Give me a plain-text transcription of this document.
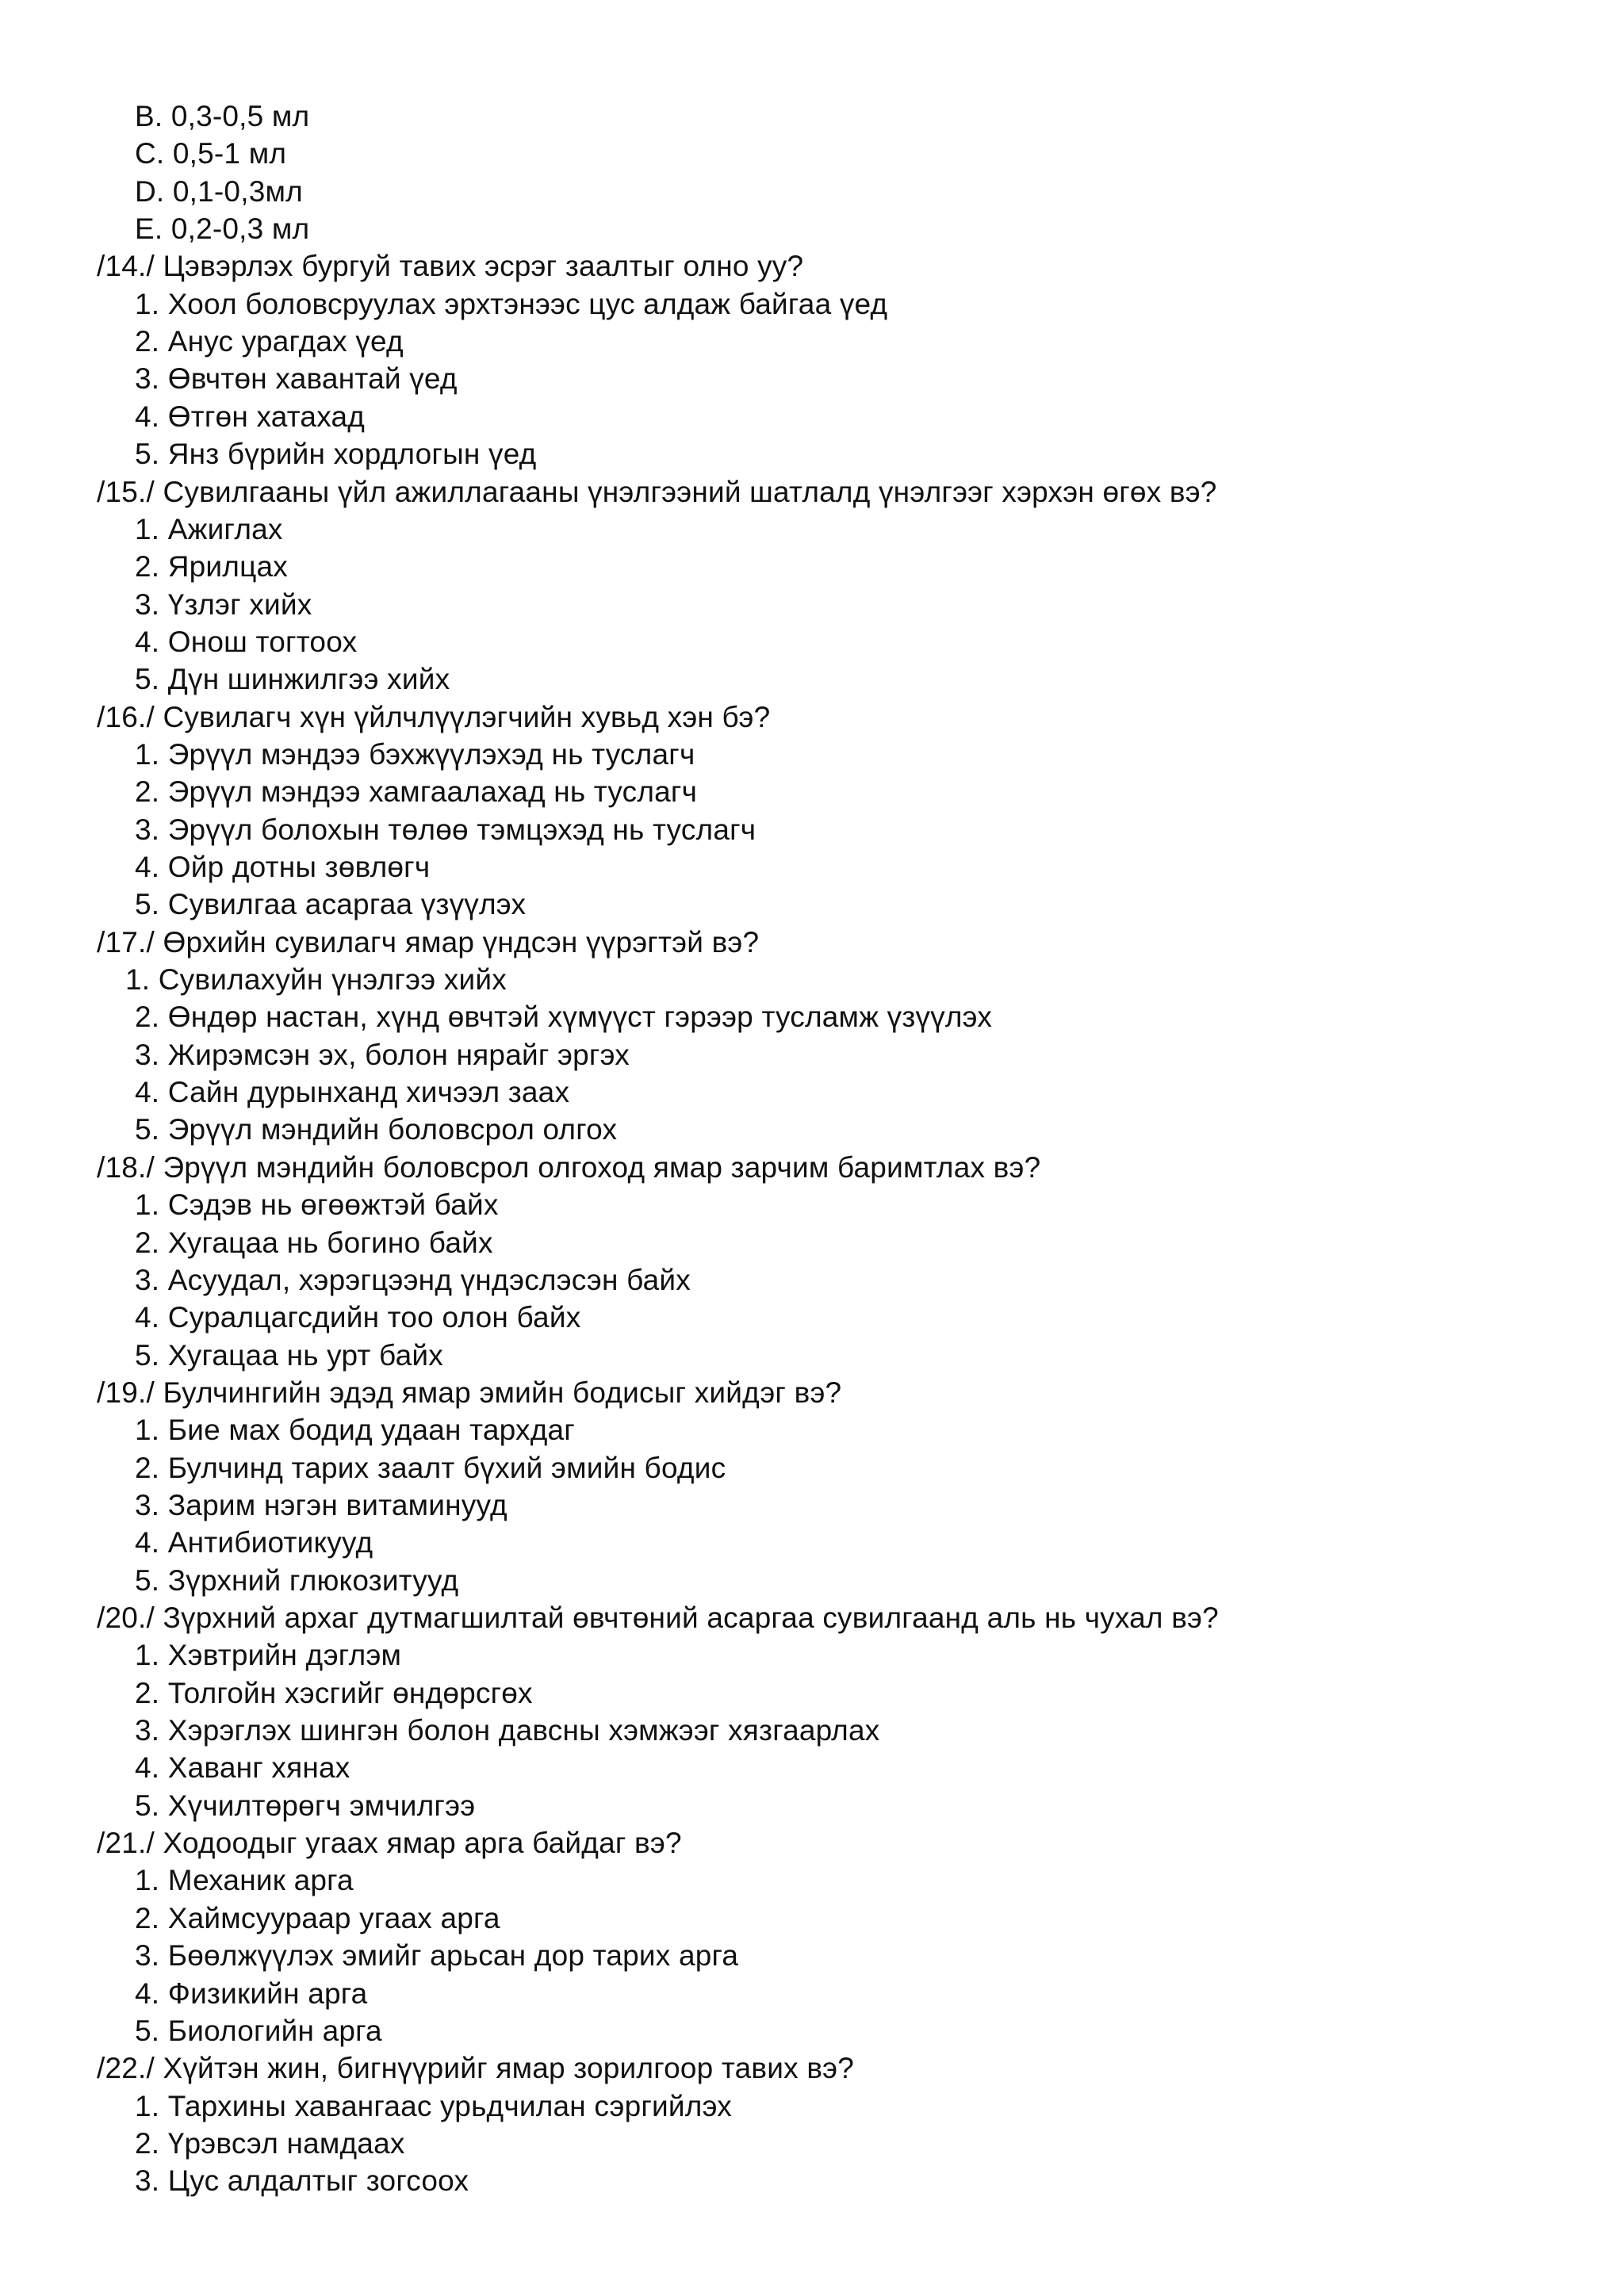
B. 0,3-0,5 мл
C. 0,5-1 мл
D. 0,1-0,3мл
E. 0,2-0,3 мл
/14./ Цэвэрлэх бургуй тавих эсрэг заалтыг олно уу?
1. Хоол боловсруулах эрхтэнээс цус алдаж байгаа үед
2. Анус урагдах үед
3. Өвчтөн хавантай үед
4. Өтгөн хатахад
5. Янз бүрийн хордлогын үед
/15./ Сувилгааны үйл ажиллагааны үнэлгээний шатлалд үнэлгээг хэрхэн өгөх вэ?
1. Ажиглах
2. Ярилцах
3. Үзлэг хийх
4. Онош тогтоох
5. Дүн шинжилгээ хийх
/16./ Сувилагч хүн үйлчлүүлэгчийн хувьд хэн бэ?
1. Эрүүл мэндээ бэхжүүлэхэд нь туслагч
2. Эрүүл мэндээ хамгаалахад нь туслагч
3. Эрүүл болохын төлөө тэмцэхэд нь туслагч
4. Ойр дотны зөвлөгч
5. Сувилгаа асаргаа үзүүлэх
/17./ Өрхийн сувилагч ямар үндсэн үүрэгтэй вэ?
1. Сувилахуйн үнэлгээ хийх
2. Өндөр настан, хүнд өвчтэй хүмүүст гэрээр тусламж үзүүлэх
3. Жирэмсэн эх, болон нярайг эргэх
4. Сайн дурынханд хичээл заах
5. Эрүүл мэндийн боловсрол олгох
/18./ Эрүүл мэндийн боловсрол олгоход ямар зарчим баримтлах вэ?
1. Сэдэв нь өгөөжтэй байх
2. Хугацаа нь богино байх
3. Асуудал, хэрэгцээнд үндэслэсэн байх
4. Суралцагсдийн тоо олон байх
5. Хугацаа нь урт байх
/19./ Булчингийн эдэд ямар эмийн бодисыг хийдэг вэ?
1. Бие мах бодид удаан тархдаг
2. Булчинд тарих заалт бүхий эмийн бодис
3. Зарим нэгэн витаминууд
4. Антибиотикууд
5. Зүрхний глюкозитууд
/20./ Зүрхний архаг дутмагшилтай өвчтөний асаргаа сувилгаанд аль нь чухал вэ?
1. Хэвтрийн дэглэм
2. Толгойн хэсгийг өндөрсгөх
3. Хэрэглэх шингэн болон давсны хэмжээг хязгаарлах
4. Хаванг хянах
5. Хүчилтөрөгч эмчилгээ
/21./ Ходоодыг угаах ямар арга байдаг вэ?
1. Механик арга
2. Хаймсуураар угаах арга
3. Бөөлжүүлэх эмийг арьсан дор тарих арга
4. Физикийн арга
5. Биологийн арга
/22./ Хүйтэн жин, бигнүүрийг ямар зорилгоор тавих вэ?
1. Тархины хавангаас урьдчилан сэргийлэх
2. Үрэвсэл намдаах
3. Цус алдалтыг зогсоох
